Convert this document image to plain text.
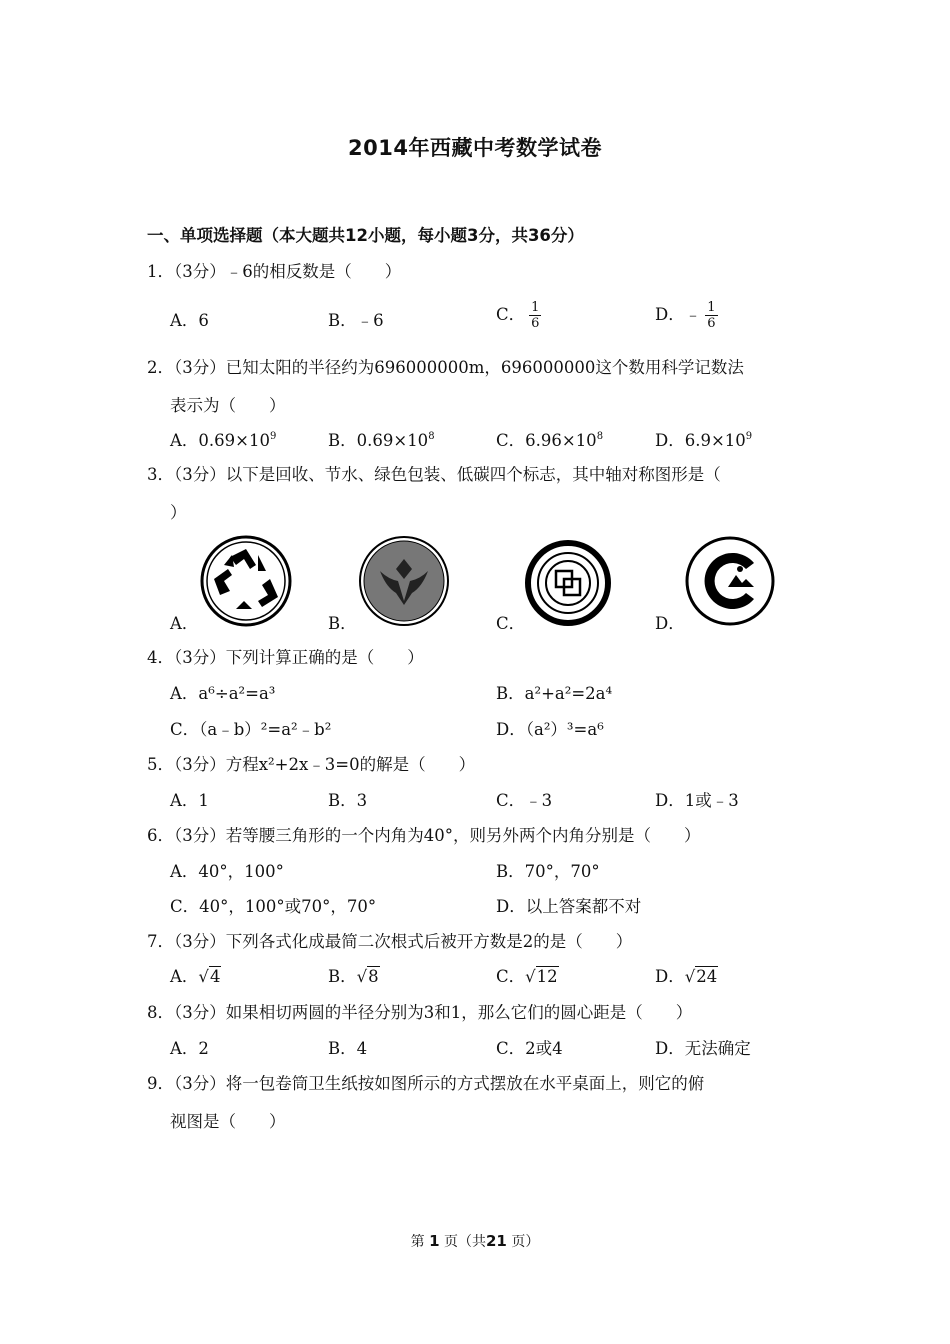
2014年西藏中考数学试卷
一、单项选择题（本大题共12小题，每小题3分，共36分）
1．（3分）﹣6的相反数是（　　）
A．6	B．﹣6	C． $\frac{1}{6}$	D．﹣ $\frac{1}{6}$
2．（3分）已知太阳的半径约为696000000m，696000000这个数用科学记数法
表示为（　　）
A．$0.69\times 10^9$	B．$0.69\times 10^8$	C．$6.96\times 10^8$	D．$6.9\times 10^9$
3．（3分）以下是回收、节水、绿色包装、低碳四个标志，其中轴对称图形是（
）
A．	B．	C．	D．
4．（3分）下列计算正确的是（　　）
A．a⁶÷a²=a³	B．a²+a²=2a⁴
C．（a﹣b）²=a²﹣b²	D．（a²）³=a⁶
5．（3分）方程x²+2x﹣3=0的解是（　　）
A．1	B．3	C．﹣3	D．1或﹣3
6．（3分）若等腰三角形的一个内角为40°，则另外两个内角分别是（　　）
A．40°，100°	B．70°，70°
C．40°，100°或70°，70°	D．以上答案都不对
7．（3分）下列各式化成最简二次根式后被开方数是2的是（　　）
A．√4	B．√8	C．√12	D．√24
8．（3分）如果相切两圆的半径分别为3和1，那么它们的圆心距是（　　）
A．2	B．4	C．2或4	D．无法确定
9．（3分）将一包卷筒卫生纸按如图所示的方式摆放在水平桌面上，则它的俯
视图是（　　）
第 1 页（共21 页）
